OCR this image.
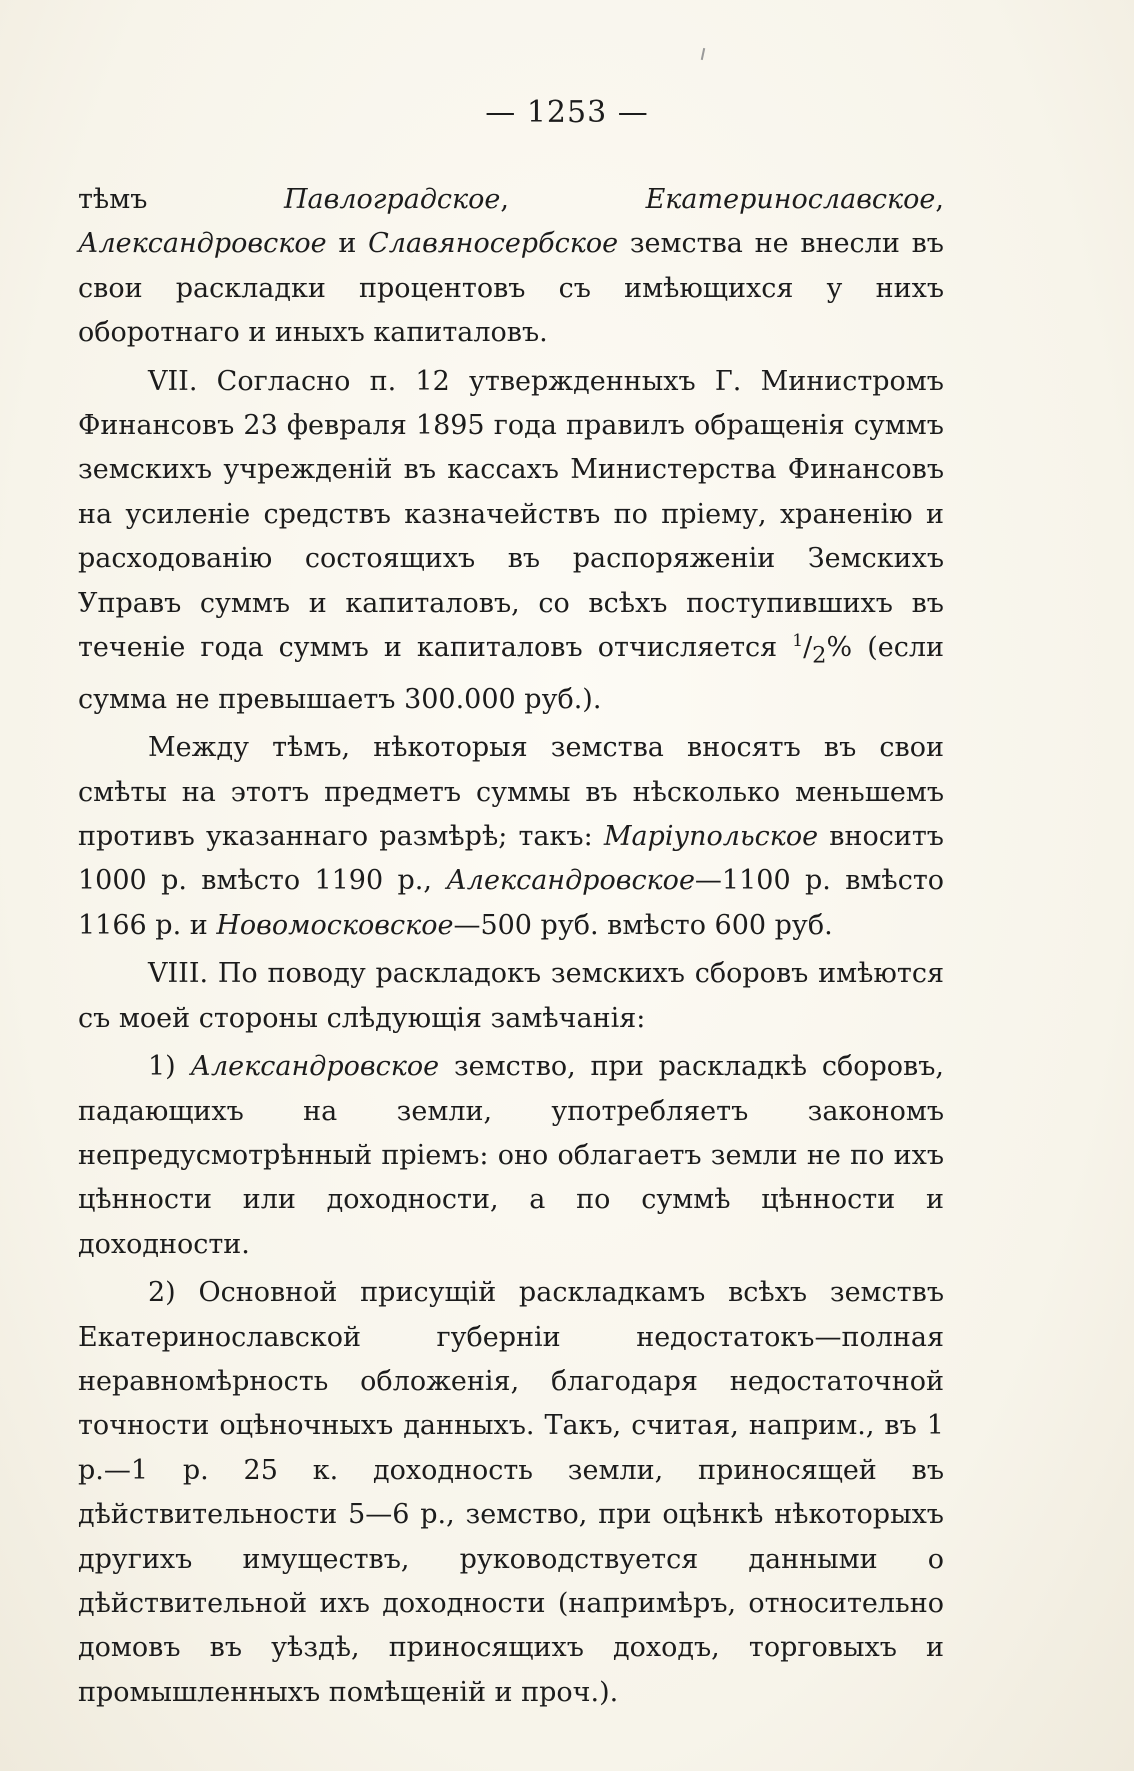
— 1253 —

тѣмъ Павлоградское, Екатеринославское, Александровское и Славяносербское земства не внесли въ свои раскладки процентовъ съ имѣющихся у нихъ оборотнаго и иныхъ капиталовъ.

VII. Согласно п. 12 утвержденныхъ Г. Министромъ Финансовъ 23 февраля 1895 года правилъ обращенія суммъ земскихъ учрежденій въ кассахъ Министерства Финансовъ на усиленіе средствъ казначействъ по пріему, храненію и расходованію состоящихъ въ распоряженіи Земскихъ Управъ суммъ и капиталовъ, со всѣхъ поступившихъ въ теченіе года суммъ и капиталовъ отчисляется $^1/_2\%$ (если сумма не превышаетъ 300.000 руб.).

Между тѣмъ, нѣкоторыя земства вносятъ въ свои смѣты на этотъ предметъ суммы въ нѣсколько меньшемъ противъ указаннаго размѣрѣ; такъ: Маріупольское вноситъ 1000 р. вмѣсто 1190 р., Александровское—1100 р. вмѣсто 1166 р. и Новомосковское—500 руб. вмѣсто 600 руб.

VIII. По поводу раскладокъ земскихъ сборовъ имѣются съ моей стороны слѣдующія замѣчанія:

1) Александровское земство, при раскладкѣ сборовъ, падающихъ на земли, употребляетъ закономъ непредусмотрѣнный пріемъ: оно облагаетъ земли не по ихъ цѣнности или доходности, а по суммѣ цѣнности и доходности.

2) Основной присущій раскладкамъ всѣхъ земствъ Екатеринославской губерніи недостатокъ—полная неравномѣрность обложенія, благодаря недостаточной точности оцѣночныхъ данныхъ. Такъ, считая, наприм., въ 1 р.—1 р. 25 к. доходность земли, приносящей въ дѣйствительности 5—6 р., земство, при оцѣнкѣ нѣкоторыхъ другихъ имуществъ, руководствуется данными о дѣйствительной ихъ доходности (напримѣръ, относительно домовъ въ уѣздѣ, приносящихъ доходъ, торговыхъ и промышленныхъ помѣщеній и проч.).
